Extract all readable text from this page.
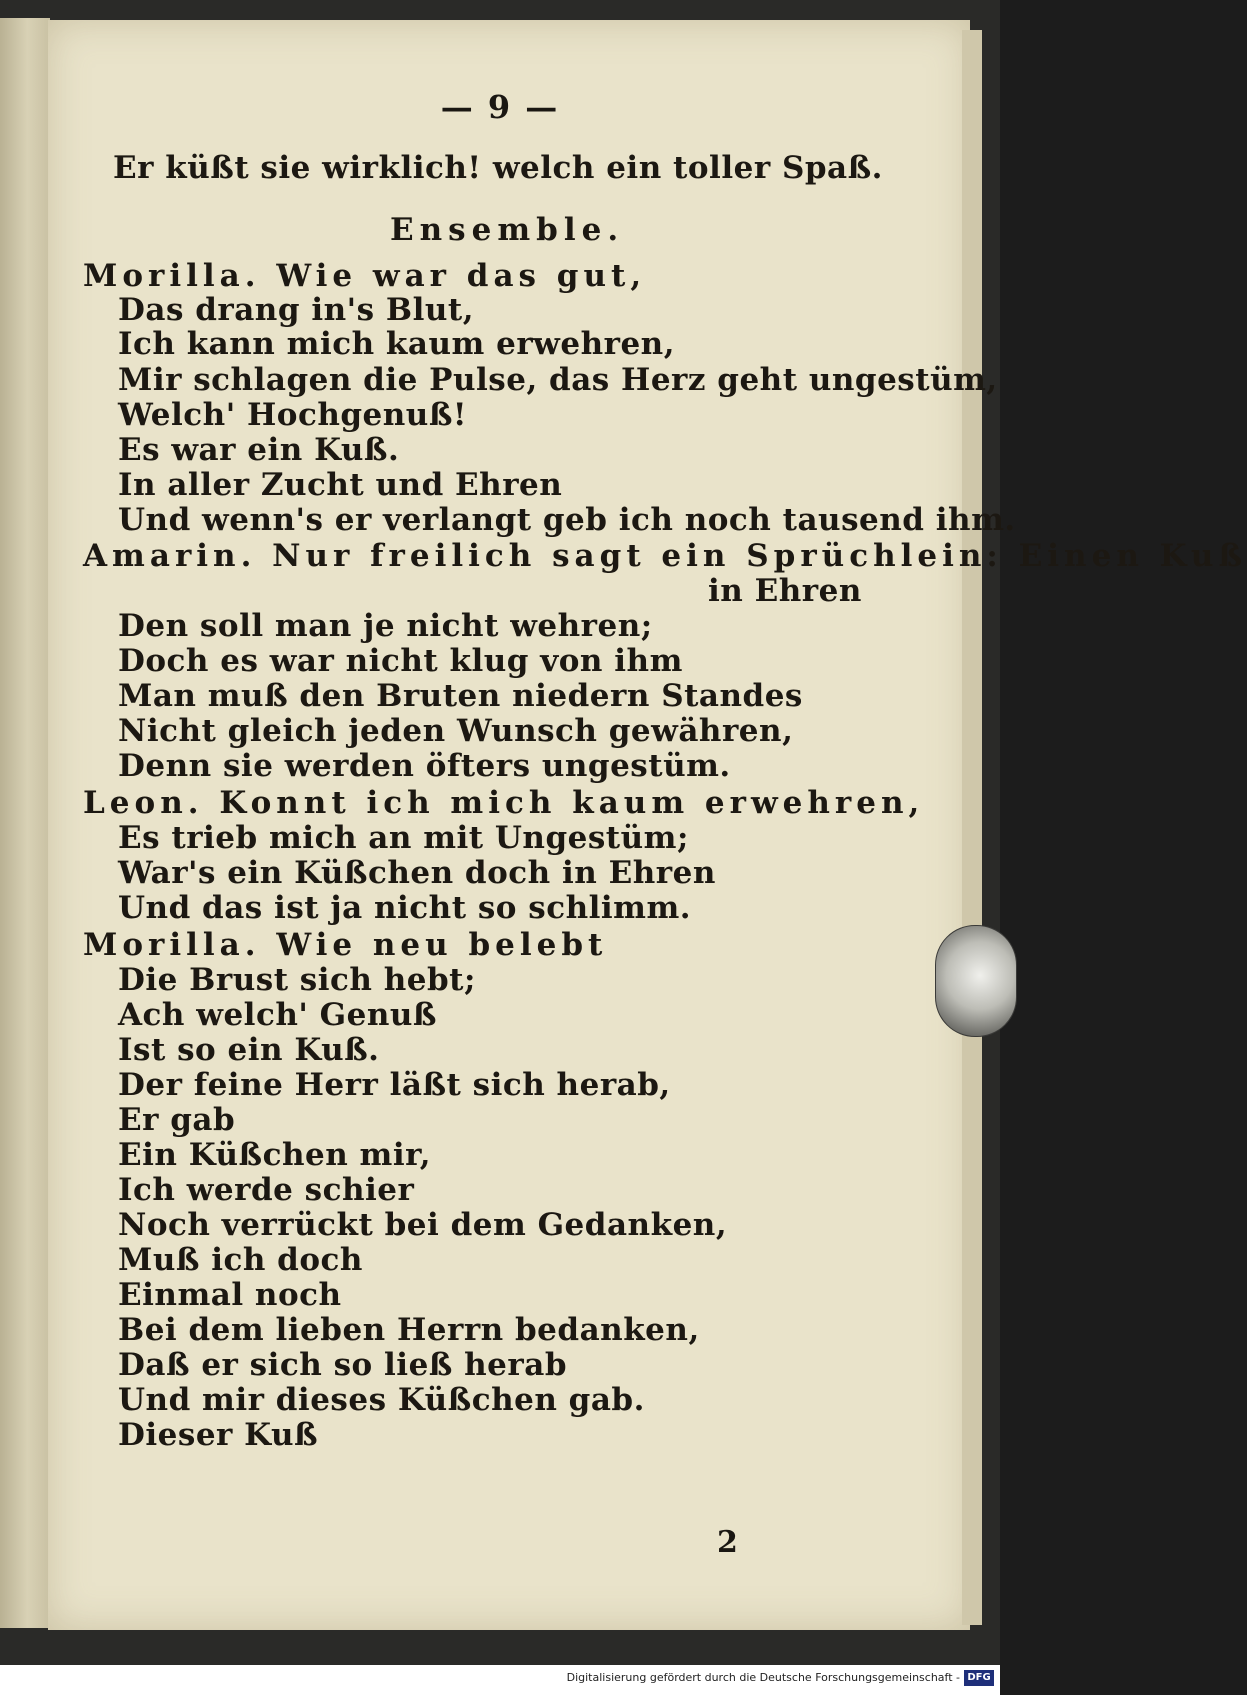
— 9 —

Er küßt sie wirklich! welch ein toller Spaß.

Ensemble.

Morilla. Wie war das gut,

Das drang in's Blut,

Ich kann mich kaum erwehren,

Mir schlagen die Pulse, das Herz geht ungestüm,

Welch' Hochgenuß!

Es war ein Kuß.

In aller Zucht und Ehren

Und wenn's er verlangt geb ich noch tausend ihm.

Amarin. Nur freilich sagt ein Sprüchlein: Einen Kuß

in Ehren

Den soll man je nicht wehren;

Doch es war nicht klug von ihm

Man muß den Bruten niedern Standes

Nicht gleich jeden Wunsch gewähren,

Denn sie werden öfters ungestüm.

Leon. Konnt ich mich kaum erwehren,

Es trieb mich an mit Ungestüm;

War's ein Küßchen doch in Ehren

Und das ist ja nicht so schlimm.

Morilla. Wie neu belebt

Die Brust sich hebt;

Ach welch' Genuß

Ist so ein Kuß.

Der feine Herr läßt sich herab,

Er gab

Ein Küßchen mir,

Ich werde schier

Noch verrückt bei dem Gedanken,

Muß ich doch

Einmal noch

Bei dem lieben Herrn bedanken,

Daß er sich so ließ herab

Und mir dieses Küßchen gab.

Dieser Kuß

2
Digitalisierung gefördert durch die Deutsche Forschungsgemeinschaft - DFG
